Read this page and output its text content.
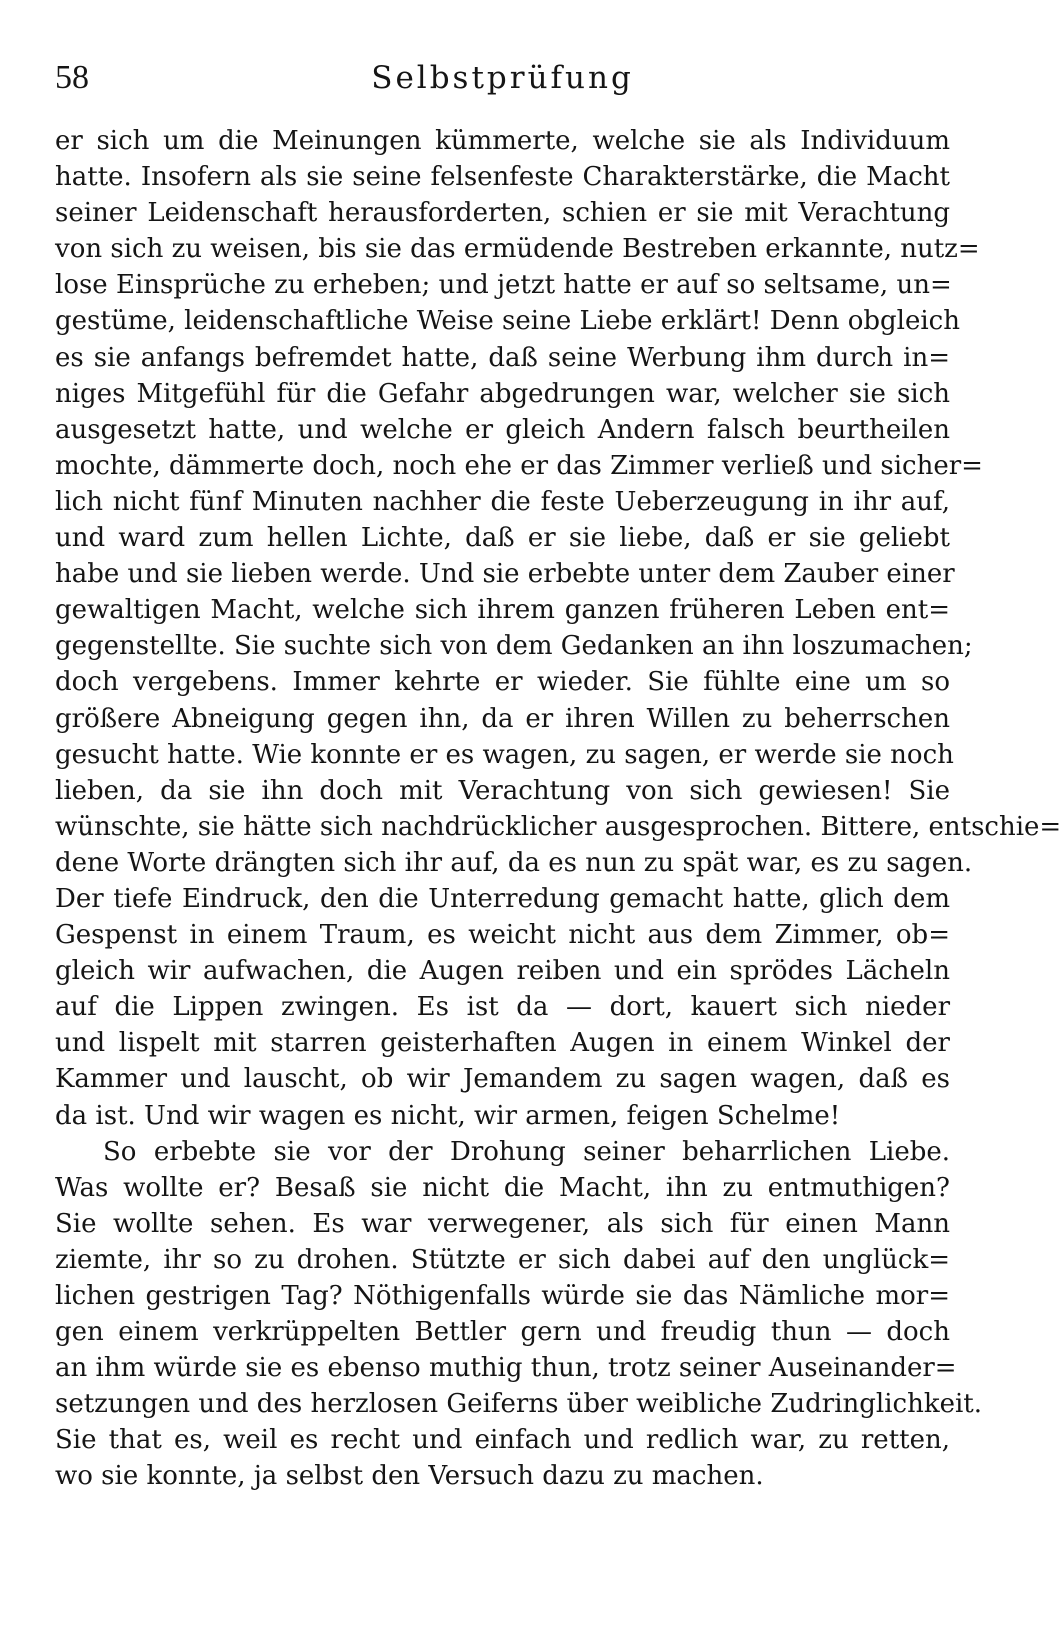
58	Selbstprüfung
er sich um die Meinungen kümmerte, welche sie als Individuum
hatte. Insofern als sie seine felsenfeste Charakterstärke, die Macht
seiner Leidenschaft herausforderten, schien er sie mit Verachtung
von sich zu weisen, bis sie das ermüdende Bestreben erkannte, nutz=
lose Einsprüche zu erheben; und jetzt hatte er auf so seltsame, un=
gestüme, leidenschaftliche Weise seine Liebe erklärt! Denn obgleich
es sie anfangs befremdet hatte, daß seine Werbung ihm durch in=
niges Mitgefühl für die Gefahr abgedrungen war, welcher sie sich
ausgesetzt hatte, und welche er gleich Andern falsch beurtheilen
mochte, dämmerte doch, noch ehe er das Zimmer verließ und sicher=
lich nicht fünf Minuten nachher die feste Ueberzeugung in ihr auf,
und ward zum hellen Lichte, daß er sie liebe, daß er sie geliebt
habe und sie lieben werde. Und sie erbebte unter dem Zauber einer
gewaltigen Macht, welche sich ihrem ganzen früheren Leben ent=
gegenstellte. Sie suchte sich von dem Gedanken an ihn loszumachen;
doch vergebens. Immer kehrte er wieder. Sie fühlte eine um so
größere Abneigung gegen ihn, da er ihren Willen zu beherrschen
gesucht hatte. Wie konnte er es wagen, zu sagen, er werde sie noch
lieben, da sie ihn doch mit Verachtung von sich gewiesen! Sie
wünschte, sie hätte sich nachdrücklicher ausgesprochen. Bittere, entschie=
dene Worte drängten sich ihr auf, da es nun zu spät war, es zu sagen.
Der tiefe Eindruck, den die Unterredung gemacht hatte, glich dem
Gespenst in einem Traum, es weicht nicht aus dem Zimmer, ob=
gleich wir aufwachen, die Augen reiben und ein sprödes Lächeln
auf die Lippen zwingen. Es ist da — dort, kauert sich nieder
und lispelt mit starren geisterhaften Augen in einem Winkel der
Kammer und lauscht, ob wir Jemandem zu sagen wagen, daß es
da ist. Und wir wagen es nicht, wir armen, feigen Schelme!
So erbebte sie vor der Drohung seiner beharrlichen Liebe.
Was wollte er? Besaß sie nicht die Macht, ihn zu entmuthigen?
Sie wollte sehen. Es war verwegener, als sich für einen Mann
ziemte, ihr so zu drohen. Stützte er sich dabei auf den unglück=
lichen gestrigen Tag? Nöthigenfalls würde sie das Nämliche mor=
gen einem verkrüppelten Bettler gern und freudig thun — doch
an ihm würde sie es ebenso muthig thun, trotz seiner Auseinander=
setzungen und des herzlosen Geiferns über weibliche Zudringlichkeit.
Sie that es, weil es recht und einfach und redlich war, zu retten,
wo sie konnte, ja selbst den Versuch dazu zu machen.
